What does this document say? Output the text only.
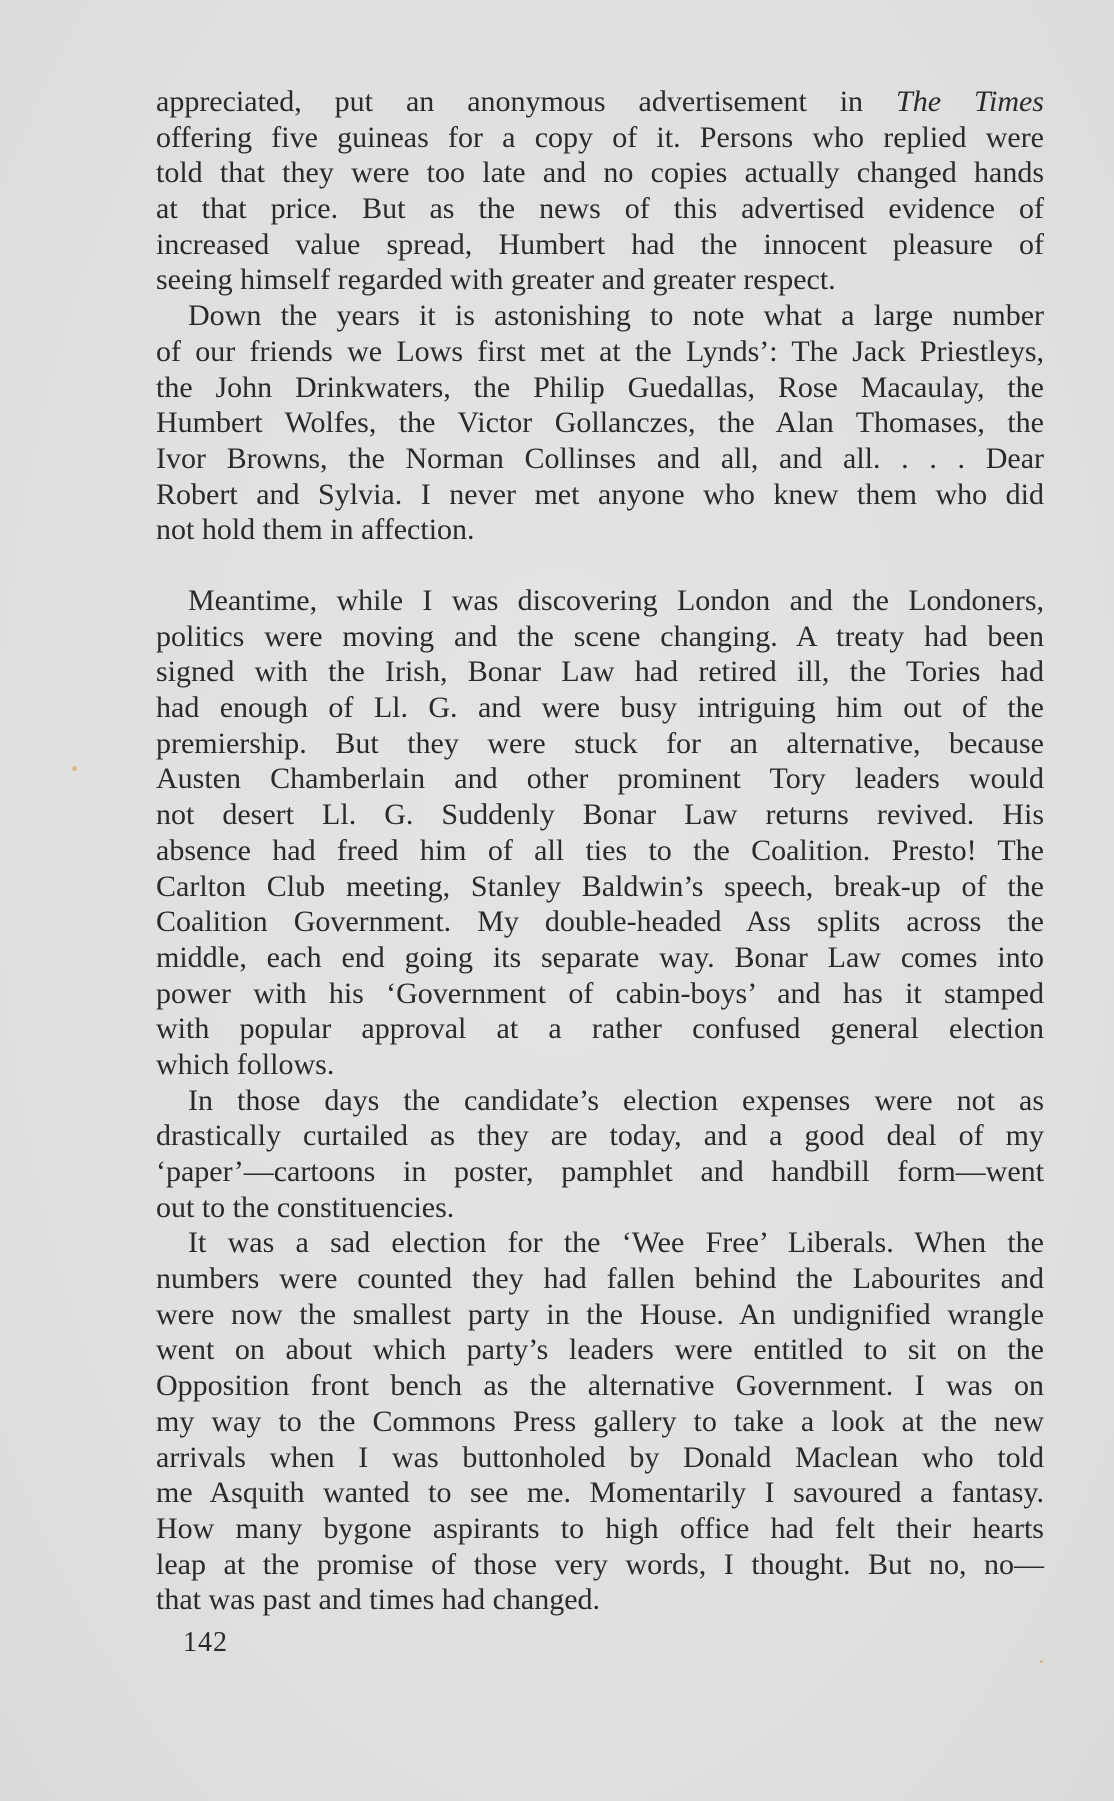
appreciated, put an anonymous advertisement in The Times
offering five guineas for a copy of it. Persons who replied were
told that they were too late and no copies actually changed hands
at that price. But as the news of this advertised evidence of
increased value spread, Humbert had the innocent pleasure of
seeing himself regarded with greater and greater respect.
Down the years it is astonishing to note what a large number
of our friends we Lows first met at the Lynds’: The Jack Priestleys,
the John Drinkwaters, the Philip Guedallas, Rose Macaulay, the
Humbert Wolfes, the Victor Gollanczes, the Alan Thomases, the
Ivor Browns, the Norman Collinses and all, and all. . . . Dear
Robert and Sylvia. I never met anyone who knew them who did
not hold them in affection.
Meantime, while I was discovering London and the Londoners,
politics were moving and the scene changing. A treaty had been
signed with the Irish, Bonar Law had retired ill, the Tories had
had enough of Ll. G. and were busy intriguing him out of the
premiership. But they were stuck for an alternative, because
Austen Chamberlain and other prominent Tory leaders would
not desert Ll. G. Suddenly Bonar Law returns revived. His
absence had freed him of all ties to the Coalition. Presto! The
Carlton Club meeting, Stanley Baldwin’s speech, break-up of the
Coalition Government. My double-headed Ass splits across the
middle, each end going its separate way. Bonar Law comes into
power with his ‘Government of cabin-boys’ and has it stamped
with popular approval at a rather confused general election
which follows.
In those days the candidate’s election expenses were not as
drastically curtailed as they are today, and a good deal of my
‘paper’—cartoons in poster, pamphlet and handbill form—went
out to the constituencies.
It was a sad election for the ‘Wee Free’ Liberals. When the
numbers were counted they had fallen behind the Labourites and
were now the smallest party in the House. An undignified wrangle
went on about which party’s leaders were entitled to sit on the
Opposition front bench as the alternative Government. I was on
my way to the Commons Press gallery to take a look at the new
arrivals when I was buttonholed by Donald Maclean who told
me Asquith wanted to see me. Momentarily I savoured a fantasy.
How many bygone aspirants to high office had felt their hearts
leap at the promise of those very words, I thought. But no, no—
that was past and times had changed.
142
